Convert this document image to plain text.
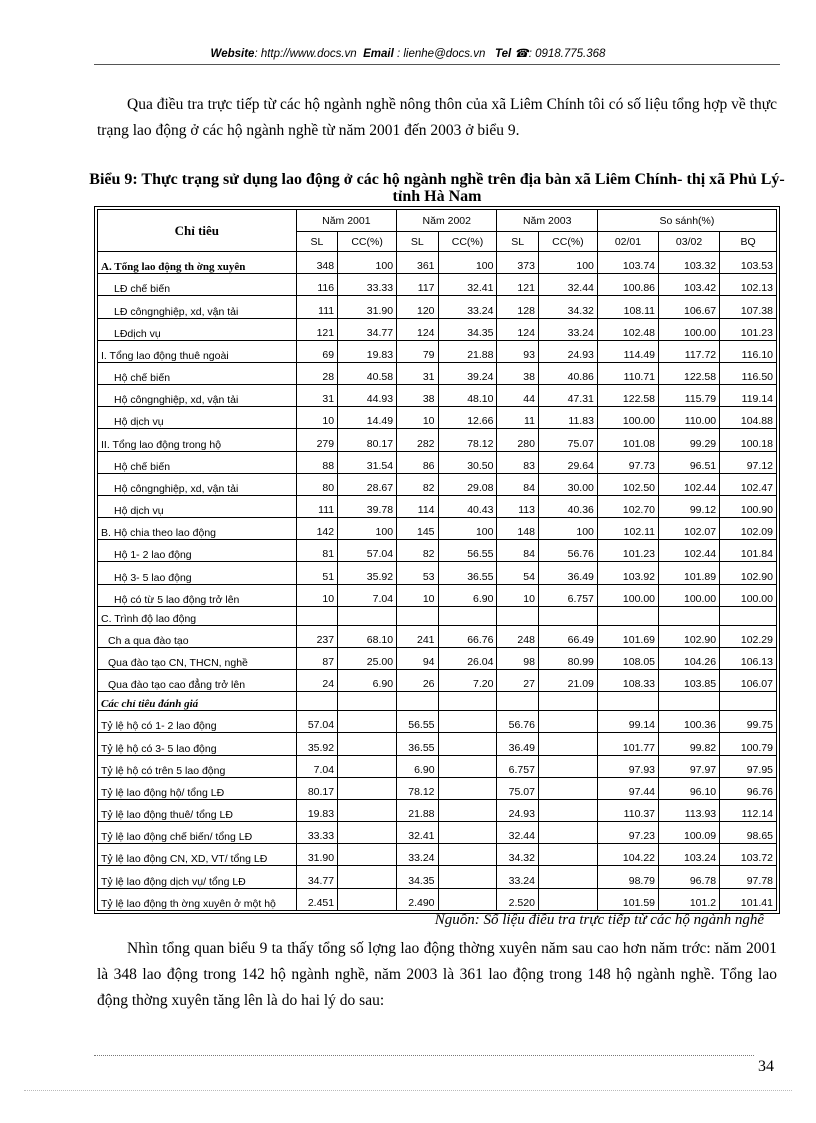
Website: http://www.docs.vn Email : lienhe@docs.vn Tel ☎: 0918.775.368

Qua điều tra trực tiếp từ các hộ ngành nghề nông thôn của xã Liêm Chính tôi có số liệu tổng hợp về thực trạng lao động ở các hộ ngành nghề từ năm 2001 đến 2003 ở biểu 9.

Biểu 9: Thực trạng sử dụng lao động ở các hộ ngành nghề trên địa bàn xã Liêm Chính- thị xã Phủ Lý- tỉnh Hà Nam

Chỉ tiêu	Năm 2001		Năm 2002		Năm 2003		So sánh(%)		
	SL	CC(%)	SL	CC(%)	SL	CC(%)	02/01	03/02	BQ
A. Tổng lao động th ờng xuyên	348	100	361	100	373	100	103.74	103.32	103.53
LĐ chế biến	116	33.33	117	32.41	121	32.44	100.86	103.42	102.13
LĐ côngnghiệp, xd, vận tải	111	31.90	120	33.24	128	34.32	108.11	106.67	107.38
LĐdịch vụ	121	34.77	124	34.35	124	33.24	102.48	100.00	101.23
I. Tổng lao động thuê ngoài	69	19.83	79	21.88	93	24.93	114.49	117.72	116.10
Hộ chế biến	28	40.58	31	39.24	38	40.86	110.71	122.58	116.50
Hộ côngnghiệp, xd, vận tải	31	44.93	38	48.10	44	47.31	122.58	115.79	119.14
Hộ dịch vụ	10	14.49	10	12.66	11	11.83	100.00	110.00	104.88
II. Tổng lao động trong hộ	279	80.17	282	78.12	280	75.07	101.08	99.29	100.18
Hộ chế biến	88	31.54	86	30.50	83	29.64	97.73	96.51	97.12
Hộ côngnghiệp, xd, vận tải	80	28.67	82	29.08	84	30.00	102.50	102.44	102.47
Hộ dịch vụ	111	39.78	114	40.43	113	40.36	102.70	99.12	100.90
B. Hộ chia theo lao động	142	100	145	100	148	100	102.11	102.07	102.09
Hộ 1- 2 lao động	81	57.04	82	56.55	84	56.76	101.23	102.44	101.84
Hộ 3- 5 lao động	51	35.92	53	36.55	54	36.49	103.92	101.89	102.90
Hộ có từ 5 lao động trở lên	10	7.04	10	6.90	10	6.757	100.00	100.00	100.00
C. Trình độ lao động									
Ch a qua đào tạo	237	68.10	241	66.76	248	66.49	101.69	102.90	102.29
Qua đào tạo CN, THCN, nghề	87	25.00	94	26.04	98	80.99	108.05	104.26	106.13
Qua đào tạo cao đẳng trở lên	24	6.90	26	7.20	27	21.09	108.33	103.85	106.07
Các chỉ tiêu đánh giá									
Tỷ lệ hộ có 1- 2 lao động	57.04		56.55		56.76		99.14	100.36	99.75
Tỷ lệ hộ có 3- 5 lao động	35.92		36.55		36.49		101.77	99.82	100.79
Tỷ lệ hộ có trên 5 lao động	7.04		6.90		6.757		97.93	97.97	97.95
Tỷ lệ lao động hộ/ tổng LĐ	80.17		78.12		75.07		97.44	96.10	96.76
Tỷ lệ lao động thuê/ tổng LĐ	19.83		21.88		24.93		110.37	113.93	112.14
Tỷ lệ lao động chế biến/ tổng LĐ	33.33		32.41		32.44		97.23	100.09	98.65
Tỷ lệ lao động CN, XD, VT/ tổng LĐ	31.90		33.24		34.32		104.22	103.24	103.72
Tỷ lệ lao động dịch vụ/ tổng LĐ	34.77		34.35		33.24		98.79	96.78	97.78
Tỷ lệ lao động th ờng xuyên ở một hộ	2.451		2.490		2.520		101.59	101.2	101.41
Nguồn: Số liệu điều tra trực tiếp từ các hộ ngành nghề

Nhìn tổng quan biểu 9 ta thấy tổng số lợng lao động thờng xuyên năm sau cao hơn năm trớc: năm 2001 là 348 lao động trong 142 hộ ngành nghề, năm 2003 là 361 lao động trong 148 hộ ngành nghề. Tổng lao động thờng xuyên tăng lên là do hai lý do sau:

34
